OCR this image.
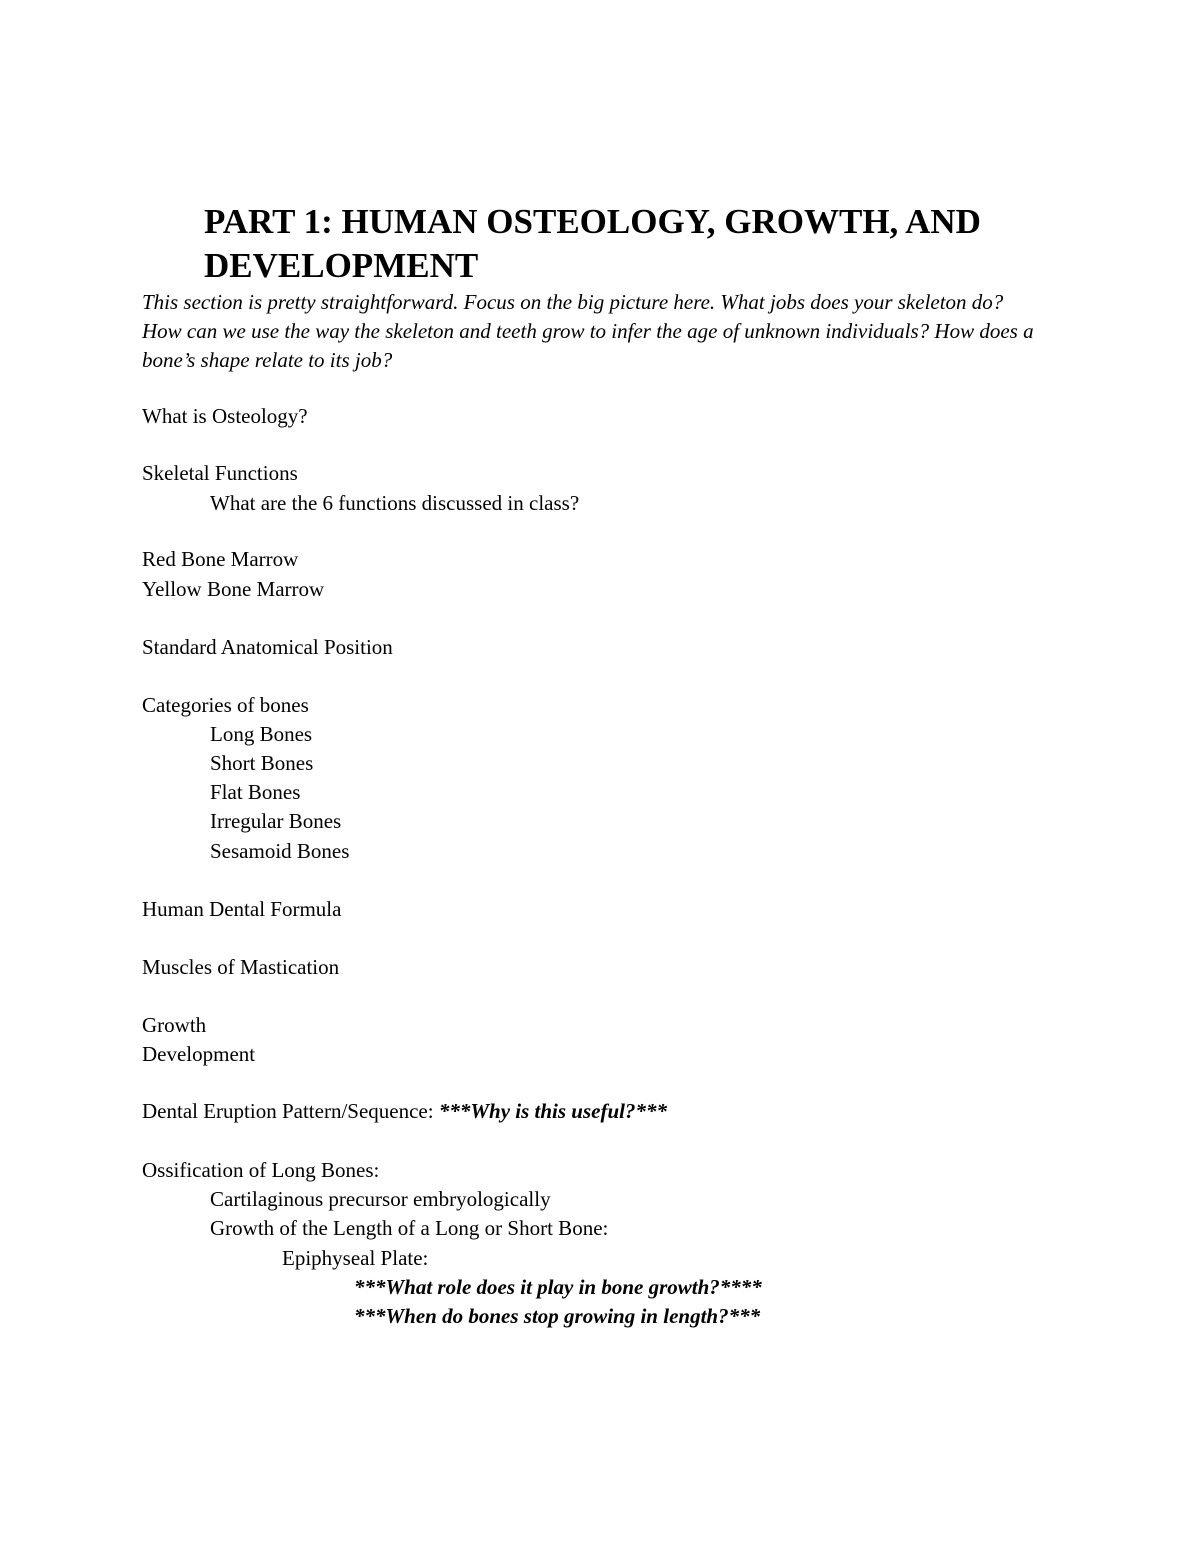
PART 1: HUMAN OSTEOLOGY, GROWTH, AND DEVELOPMENT

This section is pretty straightforward. Focus on the big picture here. What jobs does your skeleton do? How can we use the way the skeleton and teeth grow to infer the age of unknown individuals? How does a bone’s shape relate to its job?

What is Osteology?

Skeletal Functions

What are the 6 functions discussed in class?

Red Bone Marrow

Yellow Bone Marrow

Standard Anatomical Position

Categories of bones

Long Bones

Short Bones

Flat Bones

Irregular Bones

Sesamoid Bones

Human Dental Formula

Muscles of Mastication

Growth

Development

Dental Eruption Pattern/Sequence: ***Why is this useful?***

Ossification of Long Bones:

Cartilaginous precursor embryologically

Growth of the Length of a Long or Short Bone:

Epiphyseal Plate:

***What role does it play in bone growth?****

***When do bones stop growing in length?***
